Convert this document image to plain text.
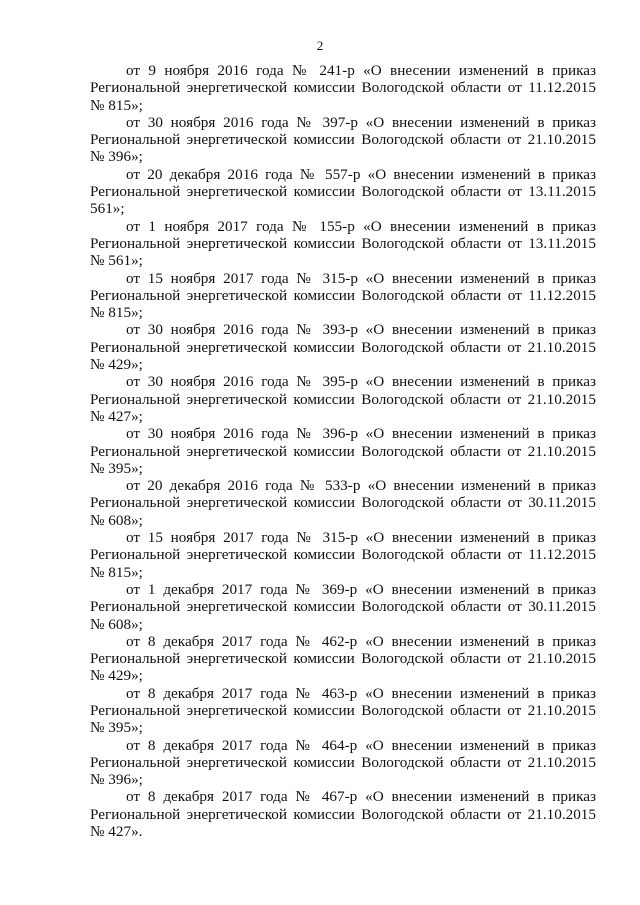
2

от 9 ноября 2016 года № 241-р «О внесении изменений в приказ
Региональной энергетической комиссии Вологодской области от 11.12.2015
№ 815»;

от 30 ноября 2016 года № 397-р «О внесении изменений в приказ
Региональной энергетической комиссии Вологодской области от 21.10.2015
№ 396»;

от 20 декабря 2016 года № 557-р «О внесении изменений в приказ
Региональной энергетической комиссии Вологодской области от 13.11.2015
561»;

от 1 ноября 2017 года № 155-р «О внесении изменений в приказ
Региональной энергетической комиссии Вологодской области от 13.11.2015
№ 561»;

от 15 ноября 2017 года № 315-р «О внесении изменений в приказ
Региональной энергетической комиссии Вологодской области от 11.12.2015
№ 815»;

от 30 ноября 2016 года № 393-р «О внесении изменений в приказ
Региональной энергетической комиссии Вологодской области от 21.10.2015
№ 429»;

от 30 ноября 2016 года № 395-р «О внесении изменений в приказ
Региональной энергетической комиссии Вологодской области от 21.10.2015
№ 427»;

от 30 ноября 2016 года № 396-р «О внесении изменений в приказ
Региональной энергетической комиссии Вологодской области от 21.10.2015
№ 395»;

от 20 декабря 2016 года № 533-р «О внесении изменений в приказ
Региональной энергетической комиссии Вологодской области от 30.11.2015
№ 608»;

от 15 ноября 2017 года № 315-р «О внесении изменений в приказ
Региональной энергетической комиссии Вологодской области от 11.12.2015
№ 815»;

от 1 декабря 2017 года № 369-р «О внесении изменений в приказ
Региональной энергетической комиссии Вологодской области от 30.11.2015
№ 608»;

от 8 декабря 2017 года № 462-р «О внесении изменений в приказ
Региональной энергетической комиссии Вологодской области от 21.10.2015
№ 429»;

от 8 декабря 2017 года № 463-р «О внесении изменений в приказ
Региональной энергетической комиссии Вологодской области от 21.10.2015
№ 395»;

от 8 декабря 2017 года № 464-р «О внесении изменений в приказ
Региональной энергетической комиссии Вологодской области от 21.10.2015
№ 396»;

от 8 декабря 2017 года № 467-р «О внесении изменений в приказ
Региональной энергетической комиссии Вологодской области от 21.10.2015
№ 427».
